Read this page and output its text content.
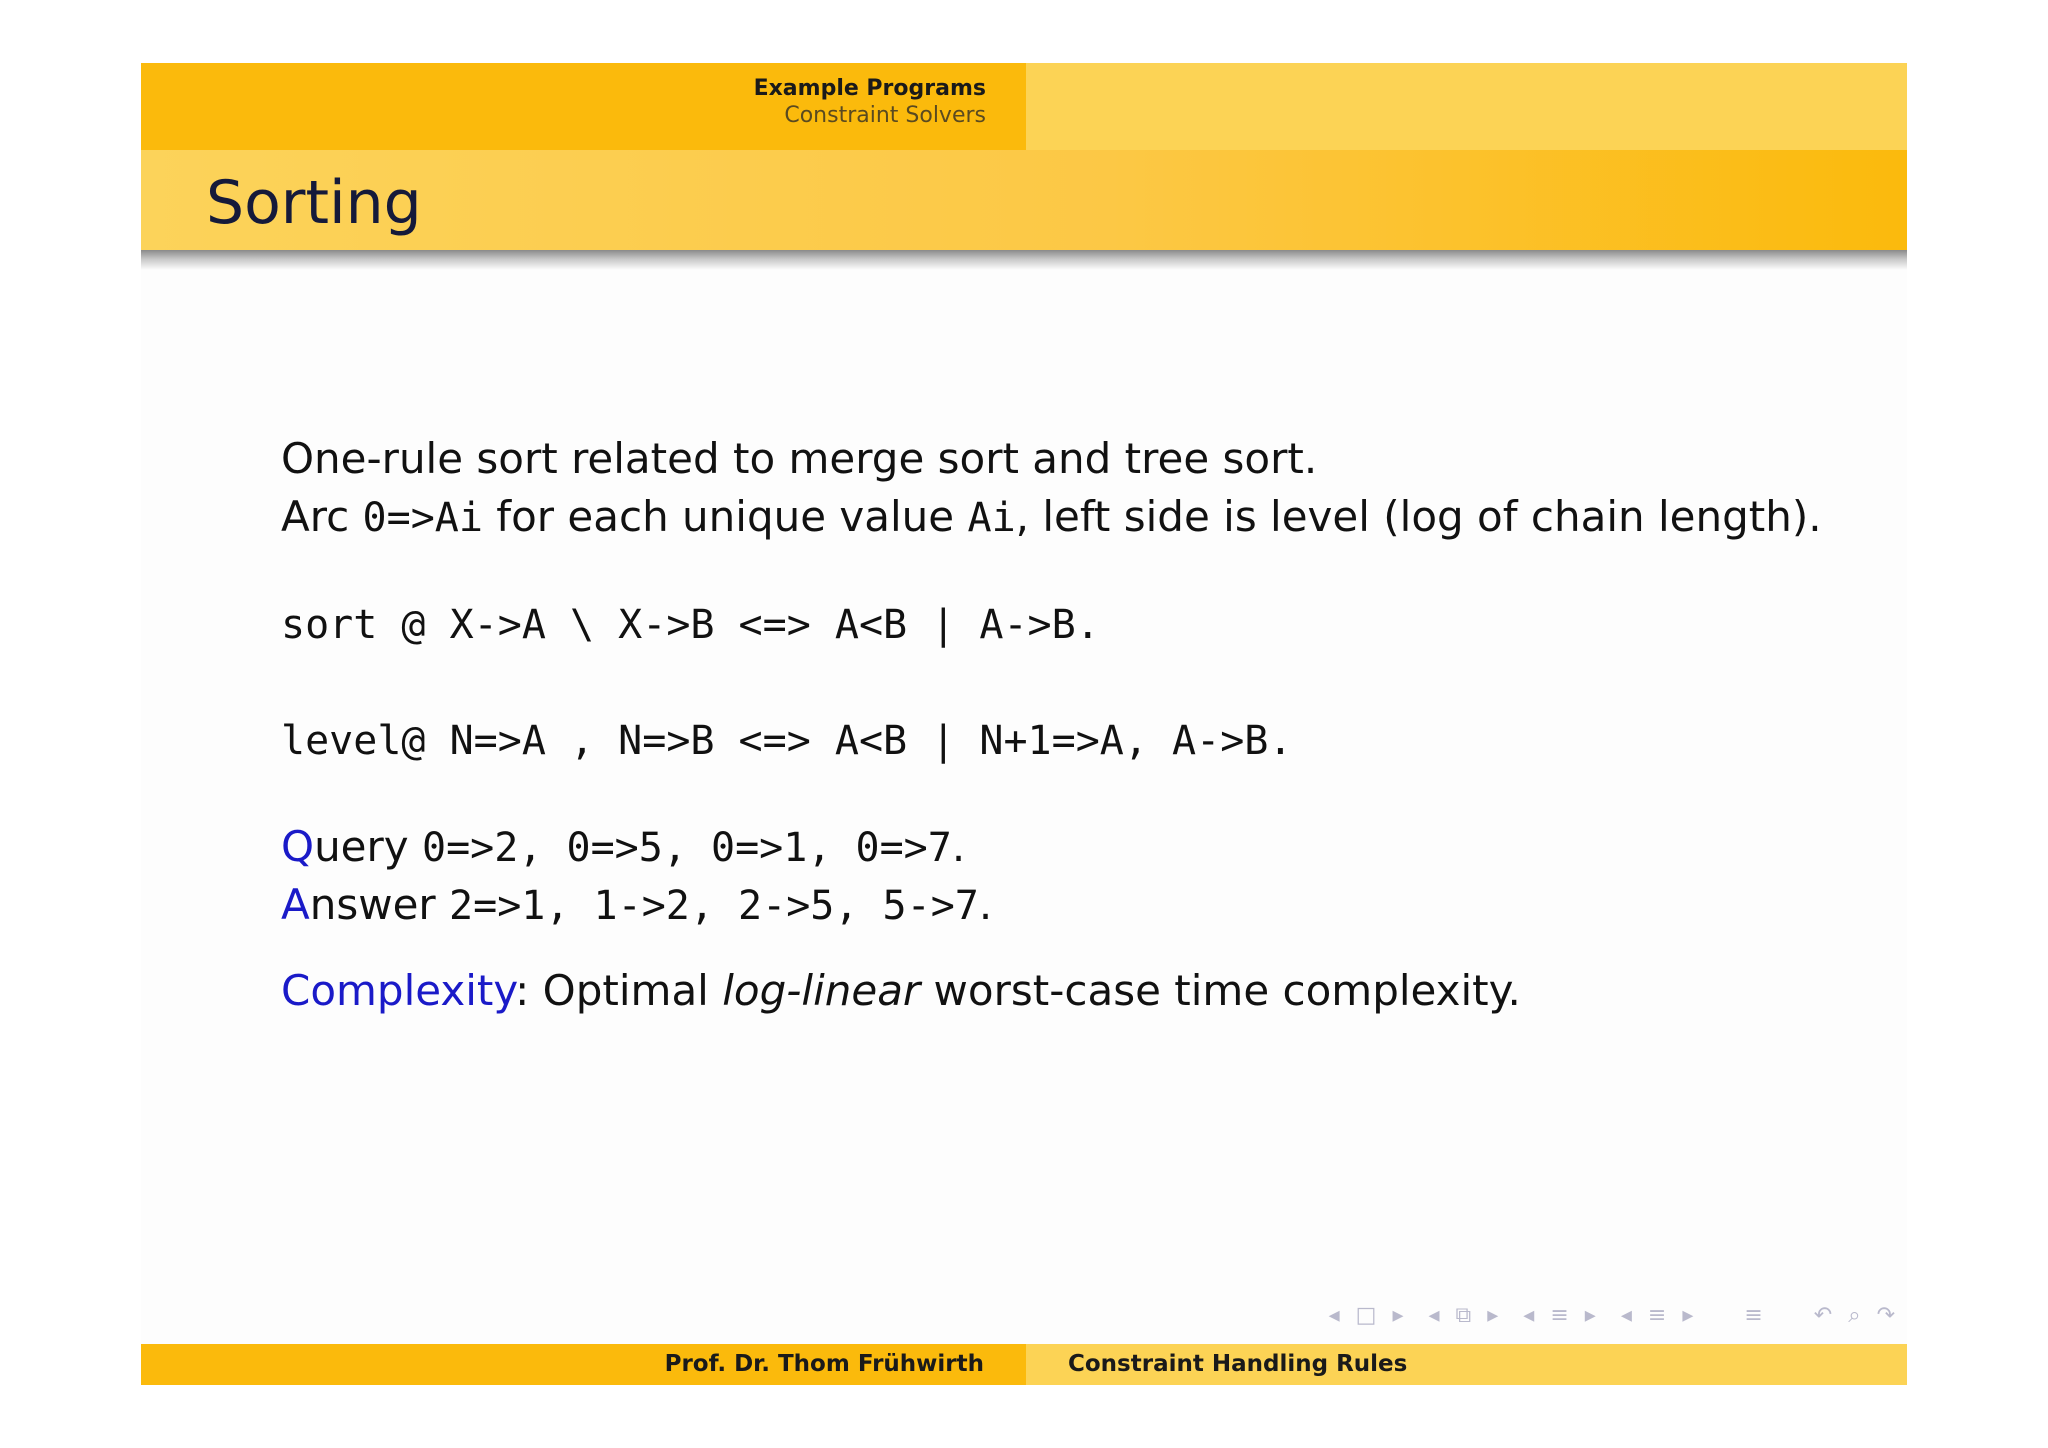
Example Programs
Constraint Solvers
Sorting
One-rule sort related to merge sort and tree sort.
Arc 0=>Ai for each unique value Ai, left side is level (log of chain length).
sort @ X->A \ X->B <=> A<B | A->B.
level@ N=>A , N=>B <=> A<B | N+1=>A, A->B.
Query 0=>2, 0=>5, 0=>1, 0=>7.
Answer 2=>1, 1->2, 2->5, 5->7.
Complexity: Optimal log-linear worst-case time complexity.
◂ □ ▸ ◂ ⧉ ▸ ◂ ≡ ▸ ◂ ≡ ▸ ≡ ↶ ⌕ ↷
Prof. Dr. Thom Frühwirth	Constraint Handling Rules
